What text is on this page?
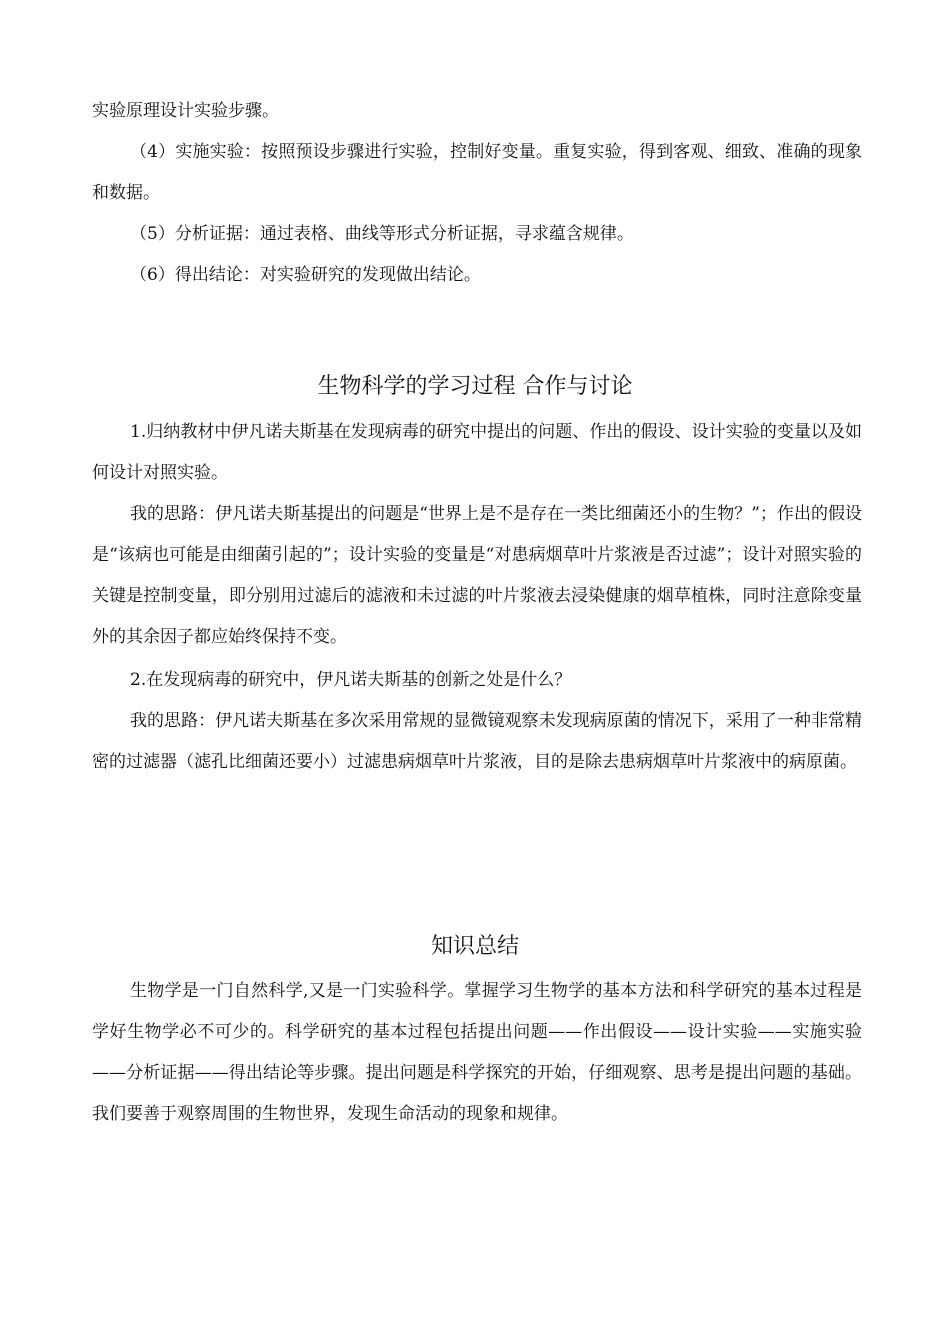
实验原理设计实验步骤。

（4）实施实验：按照预设步骤进行实验，控制好变量。重复实验，得到客观、细致、准确的现象和数据。

（5）分析证据：通过表格、曲线等形式分析证据，寻求蕴含规律。

（6）得出结论：对实验研究的发现做出结论。

生物科学的学习过程 合作与讨论

1.归纳教材中伊凡诺夫斯基在发现病毒的研究中提出的问题、作出的假设、设计实验的变量以及如何设计对照实验。

我的思路：伊凡诺夫斯基提出的问题是“世界上是不是存在一类比细菌还小的生物？”；作出的假设是“该病也可能是由细菌引起的”；设计实验的变量是“对患病烟草叶片浆液是否过滤”；设计对照实验的关键是控制变量，即分别用过滤后的滤液和未过滤的叶片浆液去浸染健康的烟草植株，同时注意除变量外的其余因子都应始终保持不变。

2.在发现病毒的研究中，伊凡诺夫斯基的创新之处是什么？

我的思路：伊凡诺夫斯基在多次采用常规的显微镜观察未发现病原菌的情况下，采用了一种非常精密的过滤器（滤孔比细菌还要小）过滤患病烟草叶片浆液，目的是除去患病烟草叶片浆液中的病原菌。

知识总结

生物学是一门自然科学,又是一门实验科学。掌握学习生物学的基本方法和科学研究的基本过程是学好生物学必不可少的。科学研究的基本过程包括提出问题——作出假设——设计实验——实施实验——分析证据——得出结论等步骤。提出问题是科学探究的开始，仔细观察、思考是提出问题的基础。我们要善于观察周围的生物世界，发现生命活动的现象和规律。
